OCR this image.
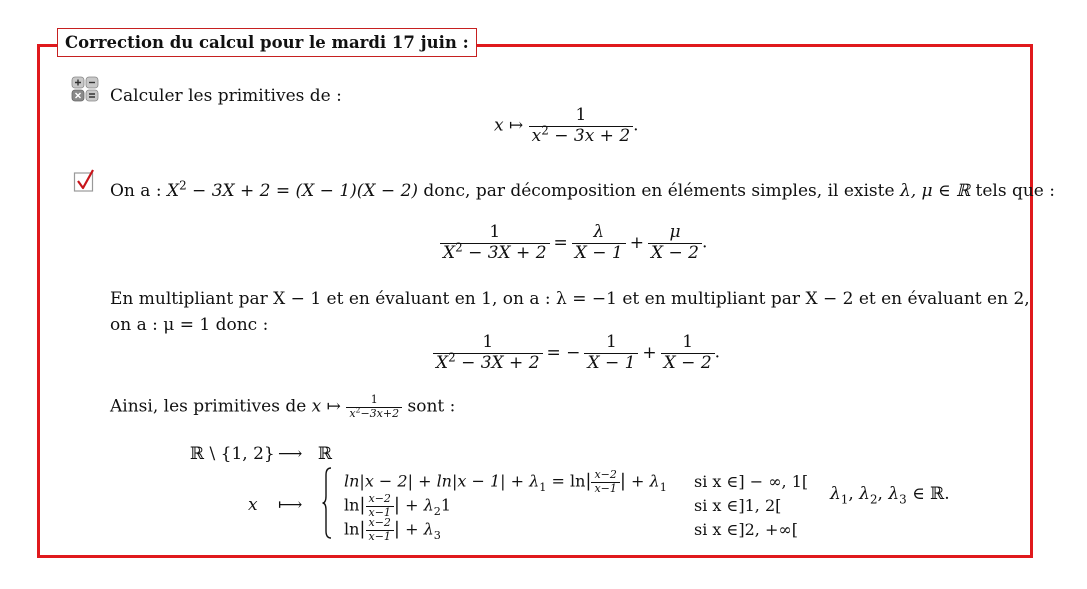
Correction du calcul pour le mardi 17 juin :
Calculer les primitives de :
x ↦ $\frac{1}{x^2 - 3x + 2}$ .
On a : $X^2 - 3X + 2 = (X - 1)(X - 2)$ donc, par décomposition en éléments simples, il existe λ, μ ∈ ℝ tels que :
$\frac{1}{X^2 - 3X + 2} = \frac{\lambda}{X - 1} + \frac{\mu}{X - 2}$ .
En multipliant par X − 1 et en évaluant en 1, on a : λ = −1 et en multipliant par X − 2 et en évaluant en 2,
on a : μ = 1 donc :
$\frac{1}{X^2 - 3X + 2}$ = − $\frac{1}{X - 1} + \frac{1}{X - 2}$ .
Ainsi, les primitives de x ↦ $\frac{1}{x^2-3x+2}$ sont :
ℝ \ {1, 2} ⟶ ℝ
x ⟼
$\ln|x - 2| + \ln|x - 1| + \lambda_1 = \ln| \frac{x-2}{x-1}$ | + $\lambda_1$ si x ∈] − ∞, 1[
$\ln| \frac{x-2}{x-1}$ | + $\lambda_21$	si x ∈]1, 2[
$\ln| \frac{x-2}{x-1}$ | + $\lambda_3$	si x ∈]2, +∞[
$\lambda_1$, $\lambda_2$, $\lambda_3$ ∈ ℝ.
